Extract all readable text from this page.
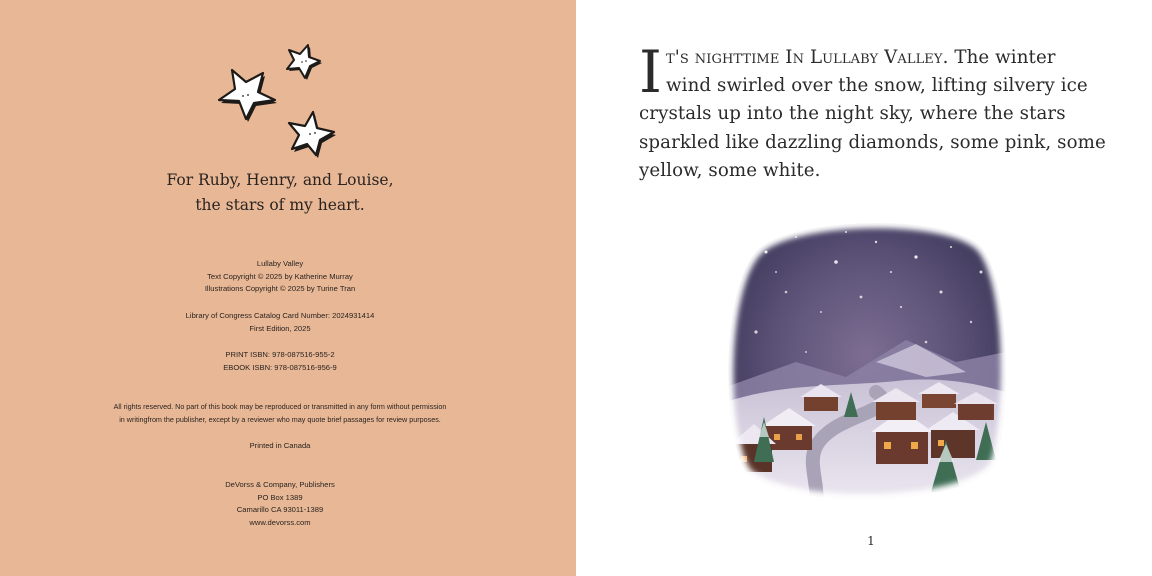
For Ruby, Henry, and Louise,
the stars of my heart.
Lullaby Valley
Text Copyright © 2025 by Katherine Murray
Illustrations Copyright © 2025 by Turine Tran
Library of Congress Catalog Card Number: 2024931414
First Edition, 2025
PRINT ISBN: 978-087516-955-2
EBOOK ISBN: 978-087516-956-9
All rights reserved. No part of this book may be reproduced or transmitted in any form without permission
in writingfrom the publisher, except by a reviewer who may quote brief passages for review purposes.
Printed in Canada
DeVorss & Company, Publishers
PO Box 1389
Camarillo CA 93011-1389
www.devorss.com
I t's nighttime In Lullaby Valley. The winter
wind swirled over the snow, lifting silvery ice
crystals up into the night sky, where the stars
sparkled like dazzling diamonds, some pink, some
yellow, some white.
1
